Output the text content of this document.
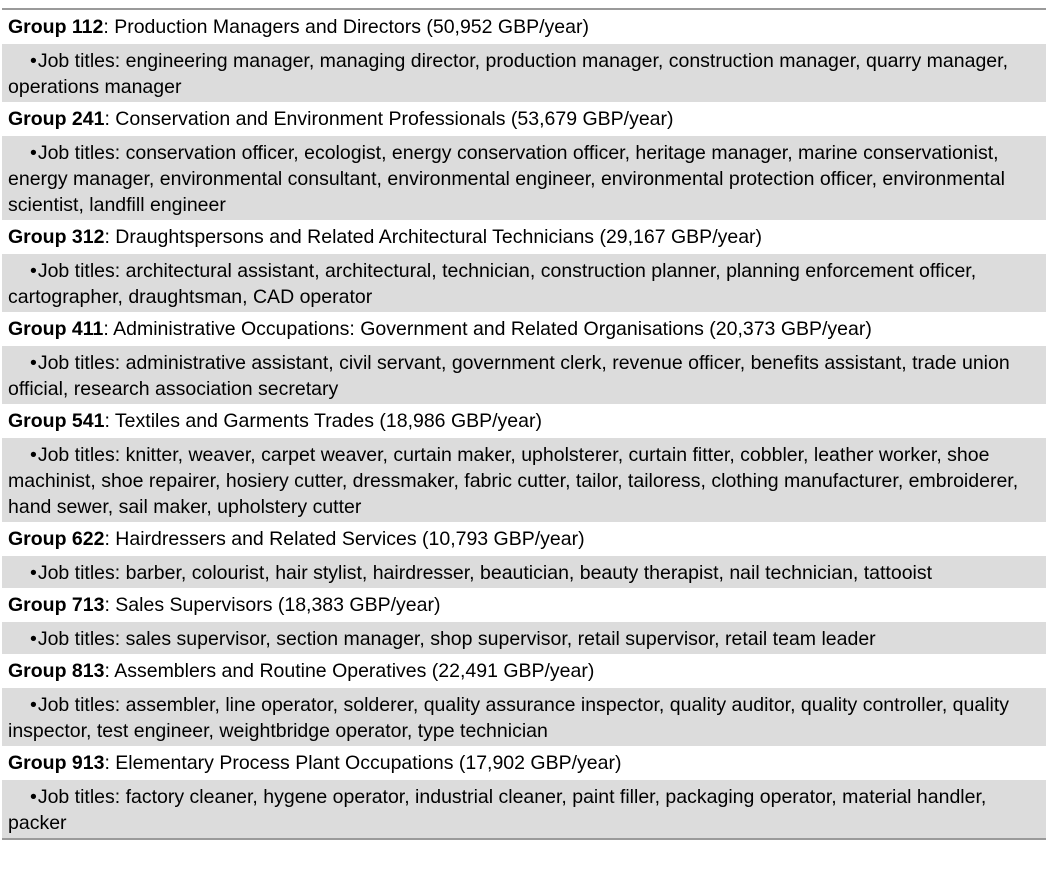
Group 112: Production Managers and Directors (50,952 GBP/year)
•Job titles: engineering manager, managing director, production manager, construction manager, quarry manager, operations manager
Group 241: Conservation and Environment Professionals (53,679 GBP/year)
•Job titles: conservation officer, ecologist, energy conservation officer, heritage manager, marine conservationist, energy manager, environmental consultant, environmental engineer, environmental protection officer, environmental scientist, landfill engineer
Group 312: Draughtspersons and Related Architectural Technicians (29,167 GBP/year)
•Job titles: architectural assistant, architectural, technician, construction planner, planning enforcement officer, cartographer, draughtsman, CAD operator
Group 411: Administrative Occupations: Government and Related Organisations (20,373 GBP/year)
•Job titles: administrative assistant, civil servant, government clerk, revenue officer, benefits assistant, trade union official, research association secretary
Group 541: Textiles and Garments Trades (18,986 GBP/year)
•Job titles: knitter, weaver, carpet weaver, curtain maker, upholsterer, curtain fitter, cobbler, leather worker, shoe machinist, shoe repairer, hosiery cutter, dressmaker, fabric cutter, tailor, tailoress, clothing manufacturer, embroiderer, hand sewer, sail maker, upholstery cutter
Group 622: Hairdressers and Related Services (10,793 GBP/year)
•Job titles: barber, colourist, hair stylist, hairdresser, beautician, beauty therapist, nail technician, tattooist
Group 713: Sales Supervisors (18,383 GBP/year)
•Job titles: sales supervisor, section manager, shop supervisor, retail supervisor, retail team leader
Group 813: Assemblers and Routine Operatives (22,491 GBP/year)
•Job titles: assembler, line operator, solderer, quality assurance inspector, quality auditor, quality controller, quality inspector, test engineer, weightbridge operator, type technician
Group 913: Elementary Process Plant Occupations (17,902 GBP/year)
•Job titles: factory cleaner, hygene operator, industrial cleaner, paint filler, packaging operator, material handler, packer
